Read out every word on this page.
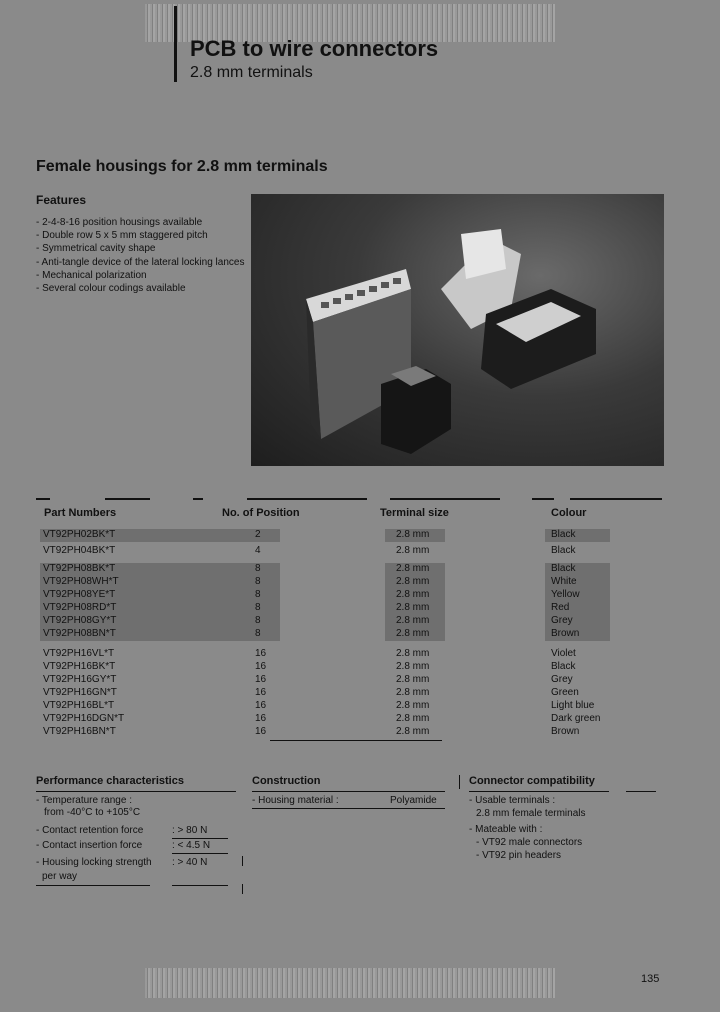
PCB to wire connectors
2.8 mm terminals
Female housings for 2.8 mm terminals
Features
- 2-4-8-16 position housings available
- Double row 5 x 5 mm staggered pitch
- Symmetrical cavity shape
- Anti-tangle device of the lateral locking lances
- Mechanical polarization
- Several colour codings available
Part Numbers	No. of Position	Terminal size	Colour
VT92PH02BK*T	2	2.8 mm	Black
VT92PH04BK*T	4	2.8 mm	Black
VT92PH08BK*T	8	2.8 mm	Black
VT92PH08WH*T	8	2.8 mm	White
VT92PH08YE*T	8	2.8 mm	Yellow
VT92PH08RD*T	8	2.8 mm	Red
VT92PH08GY*T	8	2.8 mm	Grey
VT92PH08BN*T	8	2.8 mm	Brown
VT92PH16VL*T	16	2.8 mm	Violet
VT92PH16BK*T	16	2.8 mm	Black
VT92PH16GY*T	16	2.8 mm	Grey
VT92PH16GN*T	16	2.8 mm	Green
VT92PH16BL*T	16	2.8 mm	Light blue
VT92PH16DGN*T	16	2.8 mm	Dark green
VT92PH16BN*T	16	2.8 mm	Brown
Performance characteristics
- Temperature range :
from -40°C to +105°C
- Contact retention force	: > 80 N
- Contact insertion force	: < 4.5 N
- Housing locking strength : > 40 N
per way
Construction
- Housing material :	Polyamide
Connector compatibility
- Usable terminals :
2.8 mm female terminals
- Mateable with :
- VT92 male connectors
- VT92 pin headers
135
